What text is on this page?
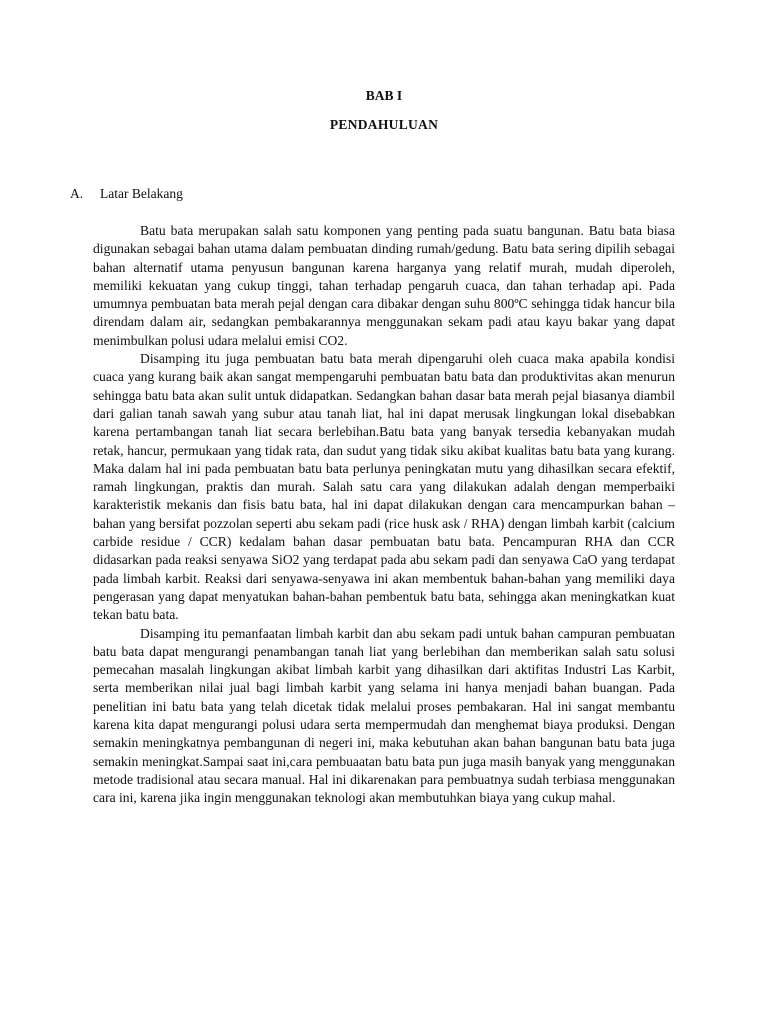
BAB I
PENDAHULUAN
A. Latar Belakang

Batu bata merupakan salah satu komponen yang penting pada suatu bangunan. Batu bata biasa digunakan sebagai bahan utama dalam pembuatan dinding rumah/gedung. Batu bata sering dipilih sebagai bahan alternatif utama penyusun bangunan karena harganya yang relatif murah, mudah diperoleh, memiliki kekuatan yang cukup tinggi, tahan terhadap pengaruh cuaca, dan tahan terhadap api. Pada umumnya pembuatan bata merah pejal dengan cara dibakar dengan suhu 800ºC sehingga tidak hancur bila direndam dalam air, sedangkan pembakarannya menggunakan sekam padi atau kayu bakar yang dapat menimbulkan polusi udara melalui emisi CO2.

Disamping itu juga pembuatan batu bata merah dipengaruhi oleh cuaca maka apabila kondisi cuaca yang kurang baik akan sangat mempengaruhi pembuatan batu bata dan produktivitas akan menurun sehingga batu bata akan sulit untuk didapatkan. Sedangkan bahan dasar bata merah pejal biasanya diambil dari galian tanah sawah yang subur atau tanah liat, hal ini dapat merusak lingkungan lokal disebabkan karena pertambangan tanah liat secara berlebihan.Batu bata yang banyak tersedia kebanyakan mudah retak, hancur, permukaan yang tidak rata, dan sudut yang tidak siku akibat kualitas batu bata yang kurang. Maka dalam hal ini pada pembuatan batu bata perlunya peningkatan mutu yang dihasilkan secara efektif, ramah lingkungan, praktis dan murah. Salah satu cara yang dilakukan adalah dengan memperbaiki karakteristik mekanis dan fisis batu bata, hal ini dapat dilakukan dengan cara mencampurkan bahan – bahan yang bersifat pozzolan seperti abu sekam padi (rice husk ask / RHA) dengan limbah karbit (calcium carbide residue / CCR) kedalam bahan dasar pembuatan batu bata. Pencampuran RHA dan CCR didasarkan pada reaksi senyawa SiO2 yang terdapat pada abu sekam padi dan senyawa CaO yang terdapat pada limbah karbit. Reaksi dari senyawa-senyawa ini akan membentuk bahan-bahan yang memiliki daya pengerasan yang dapat menyatukan bahan-bahan pembentuk batu bata, sehingga akan meningkatkan kuat tekan batu bata.

Disamping itu pemanfaatan limbah karbit dan abu sekam padi untuk bahan campuran pembuatan batu bata dapat mengurangi penambangan tanah liat yang berlebihan dan memberikan salah satu solusi pemecahan masalah lingkungan akibat limbah karbit yang dihasilkan dari aktifitas Industri Las Karbit, serta memberikan nilai jual bagi limbah karbit yang selama ini hanya menjadi bahan buangan. Pada penelitian ini batu bata yang telah dicetak tidak melalui proses pembakaran. Hal ini sangat membantu karena kita dapat mengurangi polusi udara serta mempermudah dan menghemat biaya produksi. Dengan semakin meningkatnya pembangunan di negeri ini, maka kebutuhan akan bahan bangunan batu bata juga semakin meningkat.Sampai saat ini,cara pembuaatan batu bata pun juga masih banyak yang menggunakan metode tradisional atau secara manual. Hal ini dikarenakan para pembuatnya sudah terbiasa menggunakan cara ini, karena jika ingin menggunakan teknologi akan membutuhkan biaya yang cukup mahal.
